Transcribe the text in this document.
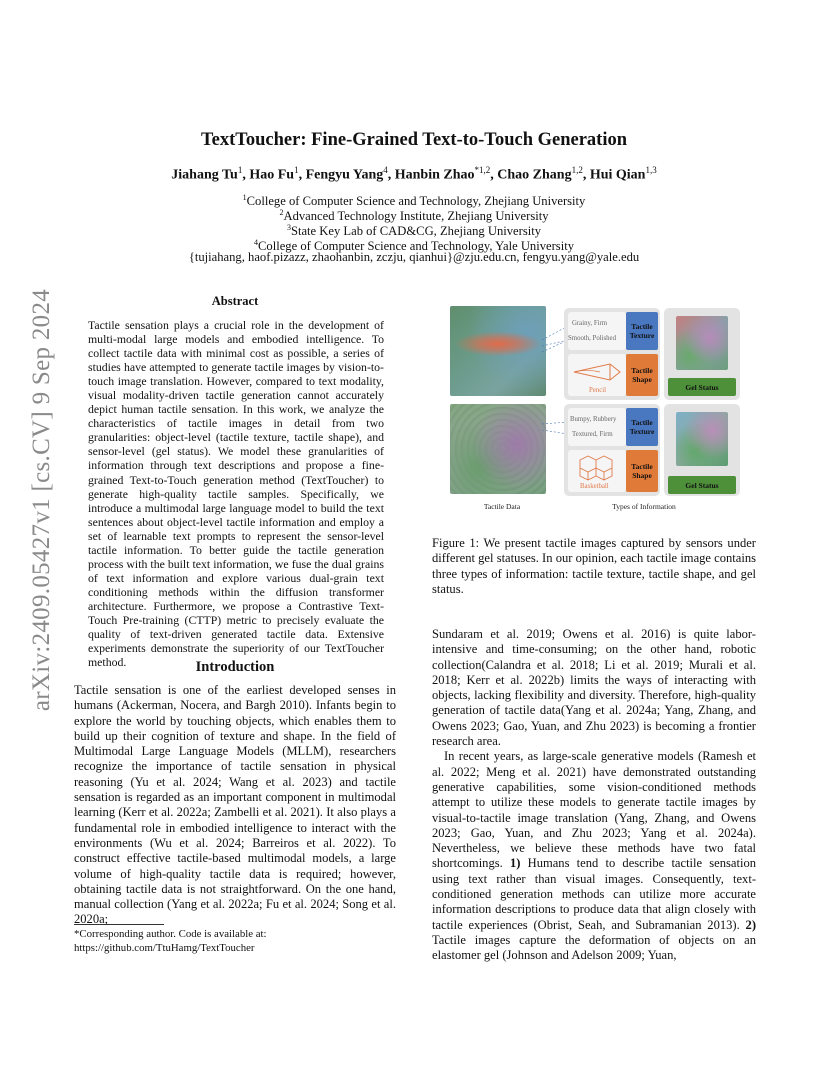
TextToucher: Fine-Grained Text-to-Touch Generation
Jiahang Tu$^1$, Hao Fu$^1$, Fengyu Yang$^4$, Hanbin Zhao$^{*1,2}$, Chao Zhang$^{1,2}$, Hui Qian$^{1,3}$
$^1$College of Computer Science and Technology, Zhejiang University
$^2$Advanced Technology Institute, Zhejiang University
$^3$State Key Lab of CAD&CG, Zhejiang University
$^4$College of Computer Science and Technology, Yale University
{tujiahang, haof.pizazz, zhaohanbin, zczju, qianhui}@zju.edu.cn, fengyu.yang@yale.edu
arXiv:2409.05427v1 [cs.CV] 9 Sep 2024	Abstract
Tactile sensation plays a crucial role in the development of multi-modal large models and embodied intelligence. To collect tactile data with minimal cost as possible, a series of studies have attempted to generate tactile images by vision-to-touch image translation. However, compared to text modality, visual modality-driven tactile generation cannot accurately depict human tactile sensation. In this work, we analyze the characteristics of tactile images in detail from two granularities: object-level (tactile texture, tactile shape), and sensor-level (gel status). We model these granularities of information through text descriptions and propose a fine-grained Text-to-Touch generation method (TextToucher) to generate high-quality tactile samples. Specifically, we introduce a multimodal large language model to build the text sentences about object-level tactile information and employ a set of learnable text prompts to represent the sensor-level tactile information. To better guide the tactile generation process with the built text information, we fuse the dual grains of text information and explore various dual-grain text conditioning methods within the diffusion transformer architecture. Furthermore, we propose a Contrastive Text-Touch Pre-training (CTTP) metric to precisely evaluate the quality of text-driven generated tactile data. Extensive experiments demonstrate the superiority of our TextToucher method.	Introduction
Tactile sensation is one of the earliest developed senses in humans (Ackerman, Nocera, and Bargh 2010). Infants begin to explore the world by touching objects, which enables them to build up their cognition of texture and shape. In the field of Multimodal Large Language Models (MLLM), researchers recognize the importance of tactile sensation in physical reasoning (Yu et al. 2024; Wang et al. 2023) and tactile sensation is regarded as an important component in multimodal learning (Kerr et al. 2022a; Zambelli et al. 2021). It also plays a fundamental role in embodied intelligence to interact with the environments (Wu et al. 2024; Barreiros et al. 2022). To construct effective tactile-based multimodal models, a large volume of high-quality tactile data is required; however, obtaining tactile data is not straightforward. On the one hand, manual collection (Yang et al. 2022a; Fu et al. 2024; Song et al. 2020a;
*Corresponding author. Code is available at: https://github.com/TtuHamg/TextToucher
Grainy, Firm
Smooth, Polished
Tactile Texture
Pencil
Tactile Shape
Gel Status
Bumpy, Rubbery
Textured, Firm
Tactile Texture
Basketball
Tactile Shape
Gel Status
Tactile Data	Types of Information
Figure 1: We present tactile images captured by sensors under different gel statuses. In our opinion, each tactile image contains three types of information: tactile texture, tactile shape, and gel status.

Sundaram et al. 2019; Owens et al. 2016) is quite labor-intensive and time-consuming; on the other hand, robotic collection(Calandra et al. 2018; Li et al. 2019; Murali et al. 2018; Kerr et al. 2022b) limits the ways of interacting with objects, lacking flexibility and diversity. Therefore, high-quality generation of tactile data(Yang et al. 2024a; Yang, Zhang, and Owens 2023; Gao, Yuan, and Zhu 2023) is becoming a frontier research area.

In recent years, as large-scale generative models (Ramesh et al. 2022; Meng et al. 2021) have demonstrated outstanding generative capabilities, some vision-conditioned methods attempt to utilize these models to generate tactile images by visual-to-tactile image translation (Yang, Zhang, and Owens 2023; Gao, Yuan, and Zhu 2023; Yang et al. 2024a). Nevertheless, we believe these methods have two fatal shortcomings. 1) Humans tend to describe tactile sensation using text rather than visual images. Consequently, text-conditioned generation methods can utilize more accurate information descriptions to produce data that align closely with tactile experiences (Obrist, Seah, and Subramanian 2013). 2) Tactile images capture the deformation of objects on an elastomer gel (Johnson and Adelson 2009; Yuan,
